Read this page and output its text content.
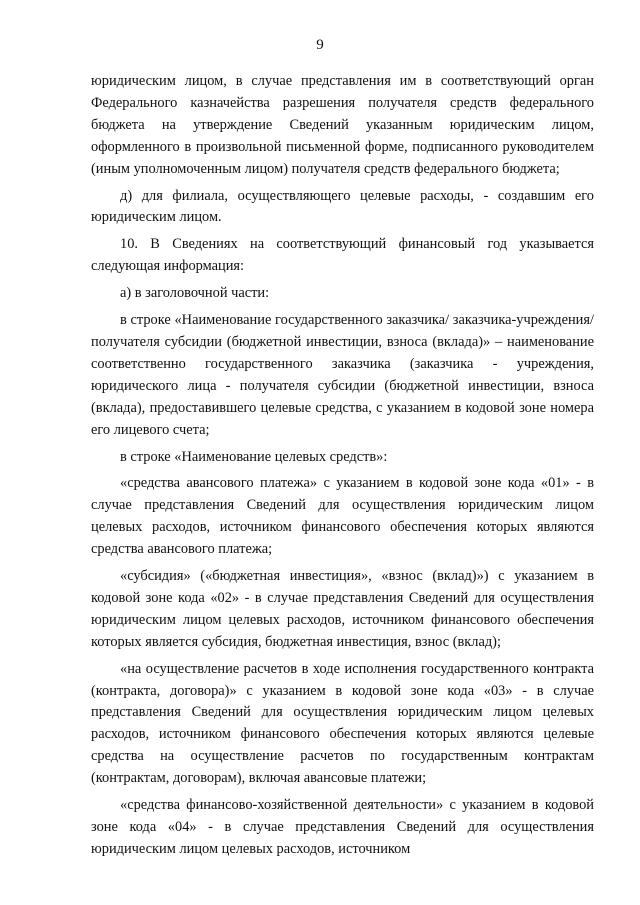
9

юридическим лицом, в случае представления им в соответствующий орган Федерального казначейства разрешения получателя средств федерального бюджета на утверждение Сведений указанным юридическим лицом, оформленного в произвольной письменной форме, подписанного руководителем (иным уполномоченным лицом) получателя средств федерального бюджета;

д) для филиала, осуществляющего целевые расходы, - создавшим его юридическим лицом.

10. В Сведениях на соответствующий финансовый год указывается следующая информация:

а) в заголовочной части:

в строке «Наименование государственного заказчика/ заказчика-учреждения/ получателя субсидии (бюджетной инвестиции, взноса (вклада)» – наименование соответственно государственного заказчика (заказчика - учреждения, юридического лица - получателя субсидии (бюджетной инвестиции, взноса (вклада), предоставившего целевые средства, с указанием в кодовой зоне номера его лицевого счета;

в строке «Наименование целевых средств»:

«средства авансового платежа» с указанием в кодовой зоне кода «01» - в случае представления Сведений для осуществления юридическим лицом целевых расходов, источником финансового обеспечения которых являются средства авансового платежа;

«субсидия» («бюджетная инвестиция», «взнос (вклад)») с указанием в кодовой зоне кода «02» - в случае представления Сведений для осуществления юридическим лицом целевых расходов, источником финансового обеспечения которых является субсидия, бюджетная инвестиция, взнос (вклад);

«на осуществление расчетов в ходе исполнения государственного контракта (контракта, договора)» с указанием в кодовой зоне кода «03» - в случае представления Сведений для осуществления юридическим лицом целевых расходов, источником финансового обеспечения которых являются целевые средства на осуществление расчетов по государственным контрактам (контрактам, договорам), включая авансовые платежи;

«средства финансово-хозяйственной деятельности» с указанием в кодовой зоне кода «04» - в случае представления Сведений для осуществления юридическим лицом целевых расходов, источником
